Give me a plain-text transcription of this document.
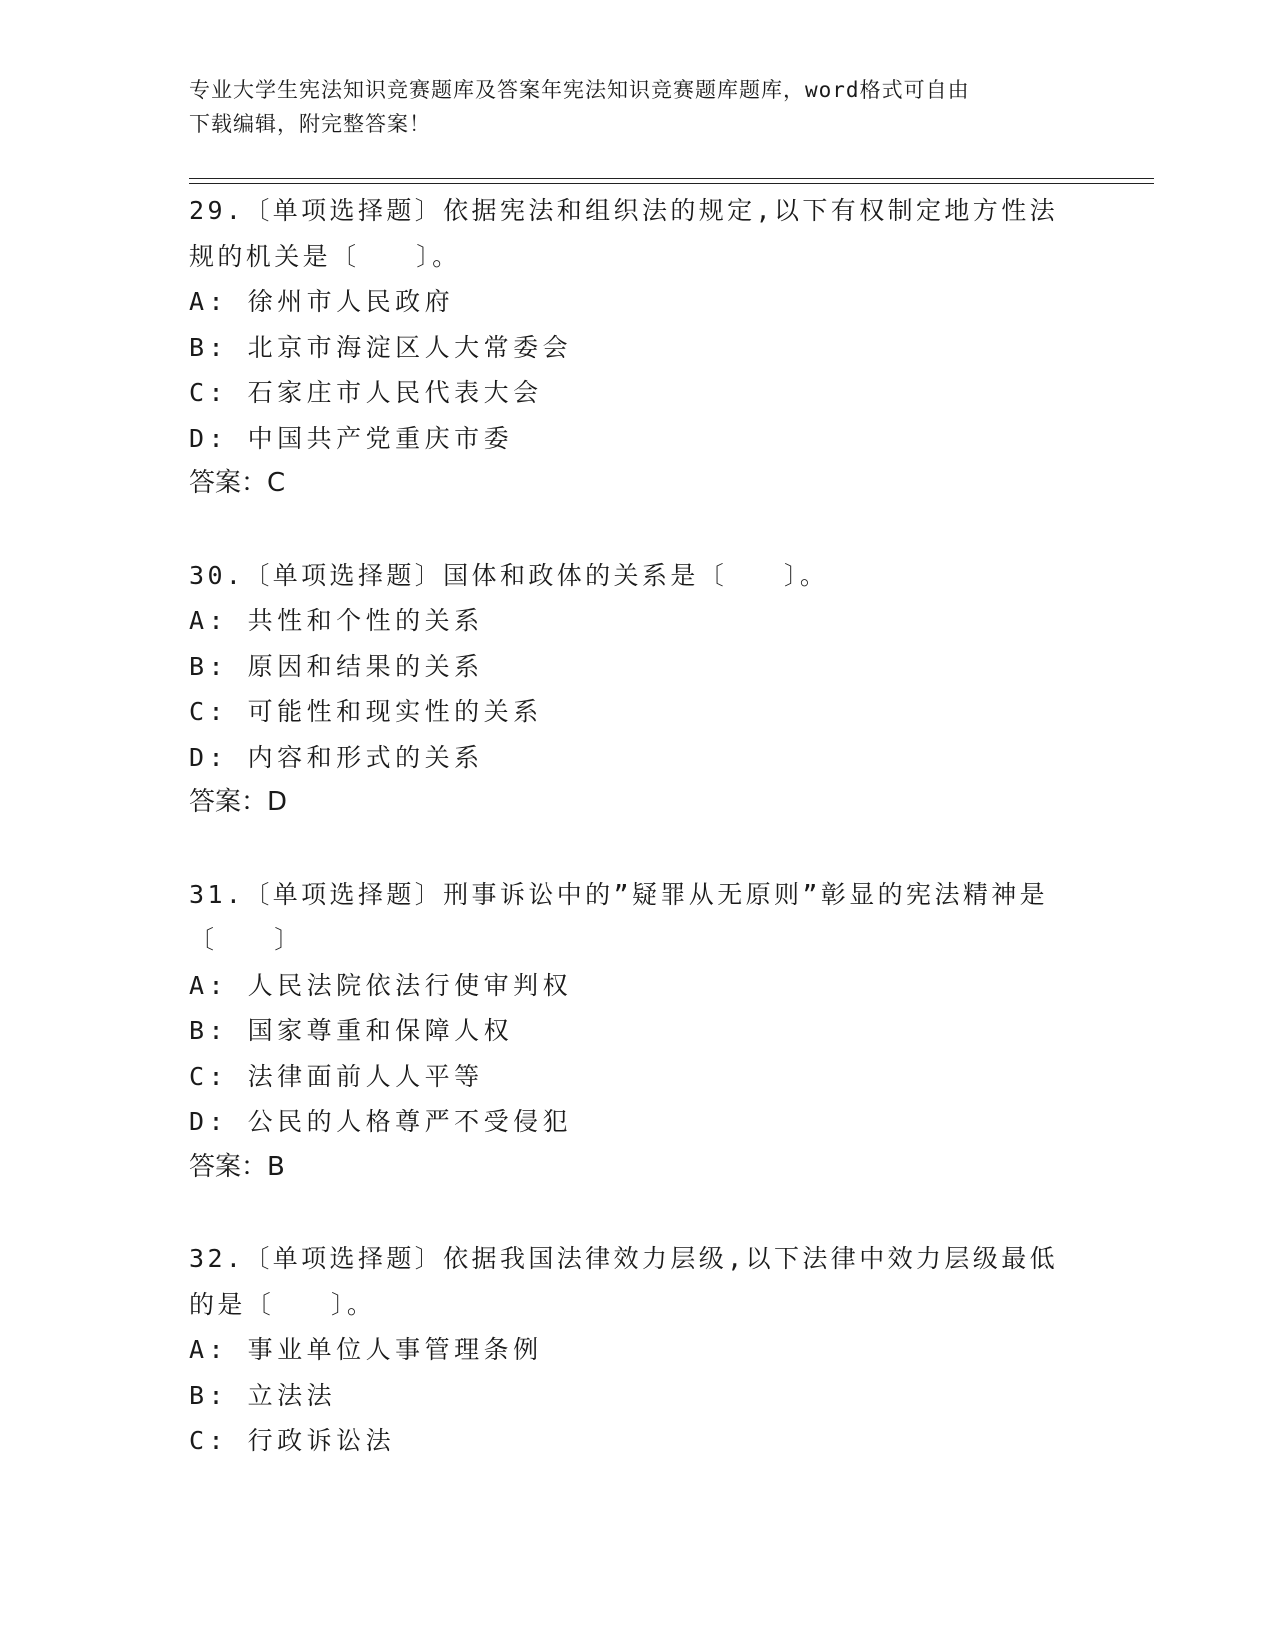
专业大学生宪法知识竞赛题库及答案年宪法知识竞赛题库题库，word格式可自由

下载编辑，附完整答案！

29.〔单项选择题〕依据宪法和组织法的规定,以下有权制定地方性法

规的机关是〔　　〕。

A: 徐州市人民政府

B: 北京市海淀区人大常委会

C: 石家庄市人民代表大会

D: 中国共产党重庆市委

答案：C

30.〔单项选择题〕国体和政体的关系是〔　　〕。

A: 共性和个性的关系

B: 原因和结果的关系

C: 可能性和现实性的关系

D: 内容和形式的关系

答案：D

31.〔单项选择题〕刑事诉讼中的”疑罪从无原则”彰显的宪法精神是

〔　　〕

A: 人民法院依法行使审判权

B: 国家尊重和保障人权

C: 法律面前人人平等

D: 公民的人格尊严不受侵犯

答案：B

32.〔单项选择题〕依据我国法律效力层级,以下法律中效力层级最低

的是〔　　〕。

A: 事业单位人事管理条例

B: 立法法

C: 行政诉讼法
